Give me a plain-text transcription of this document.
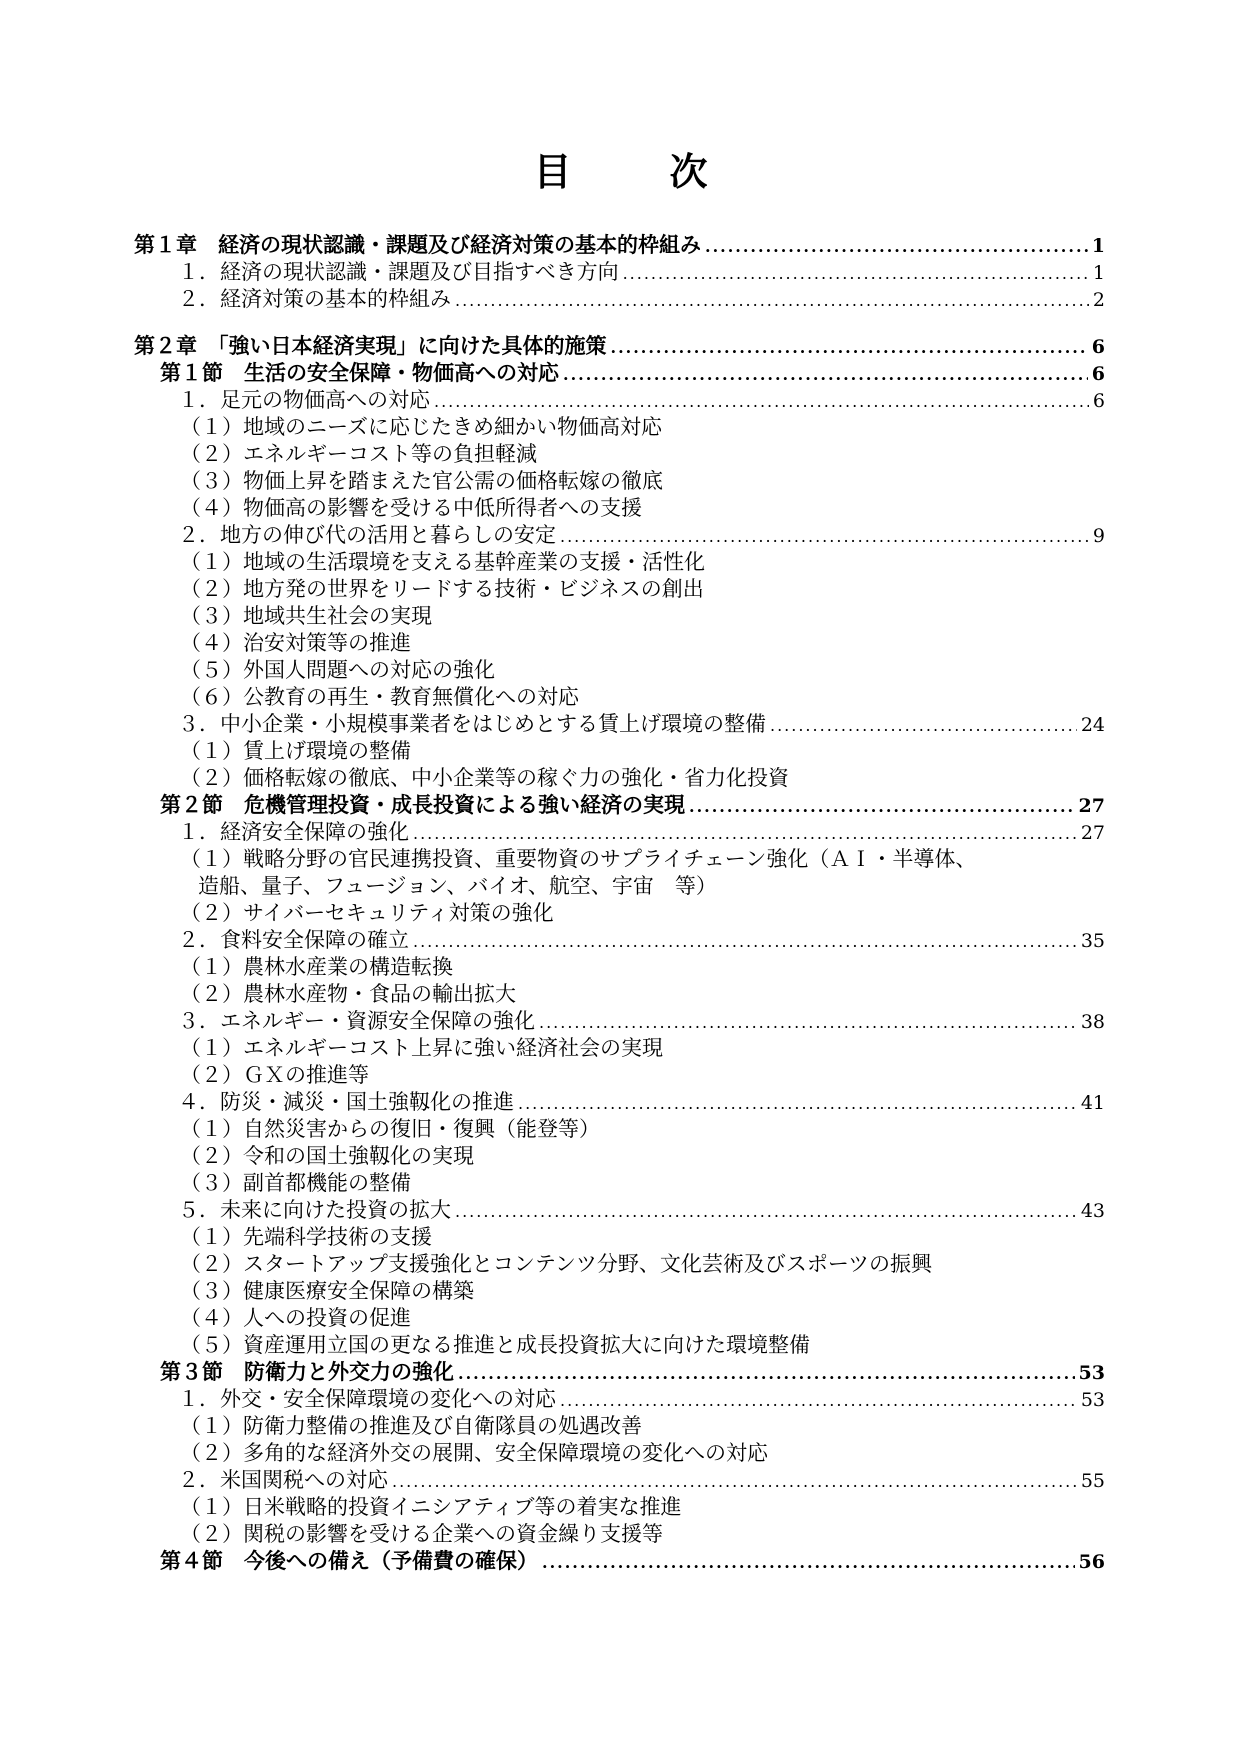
目　次
第１章　経済の現状認識・課題及び経済対策の基本的枠組み .....	1
１．経済の現状認識・課題及び目指すべき方向 .....	1
２．経済対策の基本的枠組み .....	2
第２章　「強い日本経済実現」に向けた具体的施策 .....	6
第１節　生活の安全保障・物価高への対応 .....	6
１．足元の物価高への対応 .....	6
（１）地域のニーズに応じたきめ細かい物価高対応
（２）エネルギーコスト等の負担軽減
（３）物価上昇を踏まえた官公需の価格転嫁の徹底
（４）物価高の影響を受ける中低所得者への支援
２．地方の伸び代の活用と暮らしの安定 .....	9
（１）地域の生活環境を支える基幹産業の支援・活性化
（２）地方発の世界をリードする技術・ビジネスの創出
（３）地域共生社会の実現
（４）治安対策等の推進
（５）外国人問題への対応の強化
（６）公教育の再生・教育無償化への対応
３．中小企業・小規模事業者をはじめとする賃上げ環境の整備 .....	24
（１）賃上げ環境の整備
（２）価格転嫁の徹底、中小企業等の稼ぐ力の強化・省力化投資
第２節　危機管理投資・成長投資による強い経済の実現 .....	27
１．経済安全保障の強化 .....	27
（１）戦略分野の官民連携投資、重要物資のサプライチェーン強化（ＡＩ・半導体、
造船、量子、フュージョン、バイオ、航空、宇宙　等）
（２）サイバーセキュリティ対策の強化
２．食料安全保障の確立 .....	35
（１）農林水産業の構造転換
（２）農林水産物・食品の輸出拡大
３．エネルギー・資源安全保障の強化 .....	38
（１）エネルギーコスト上昇に強い経済社会の実現
（２）ＧＸの推進等
４．防災・減災・国土強靱化の推進 .....	41
（１）自然災害からの復旧・復興（能登等）
（２）令和の国土強靱化の実現
（３）副首都機能の整備
５．未来に向けた投資の拡大 .....	43
（１）先端科学技術の支援
（２）スタートアップ支援強化とコンテンツ分野、文化芸術及びスポーツの振興
（３）健康医療安全保障の構築
（４）人への投資の促進
（５）資産運用立国の更なる推進と成長投資拡大に向けた環境整備
第３節　防衛力と外交力の強化 .....	53
１．外交・安全保障環境の変化への対応 .....	53
（１）防衛力整備の推進及び自衛隊員の処遇改善
（２）多角的な経済外交の展開、安全保障環境の変化への対応
２．米国関税への対応 .....	55
（１）日米戦略的投資イニシアティブ等の着実な推進
（２）関税の影響を受ける企業への資金繰り支援等
第４節　今後への備え（予備費の確保） .....	56
